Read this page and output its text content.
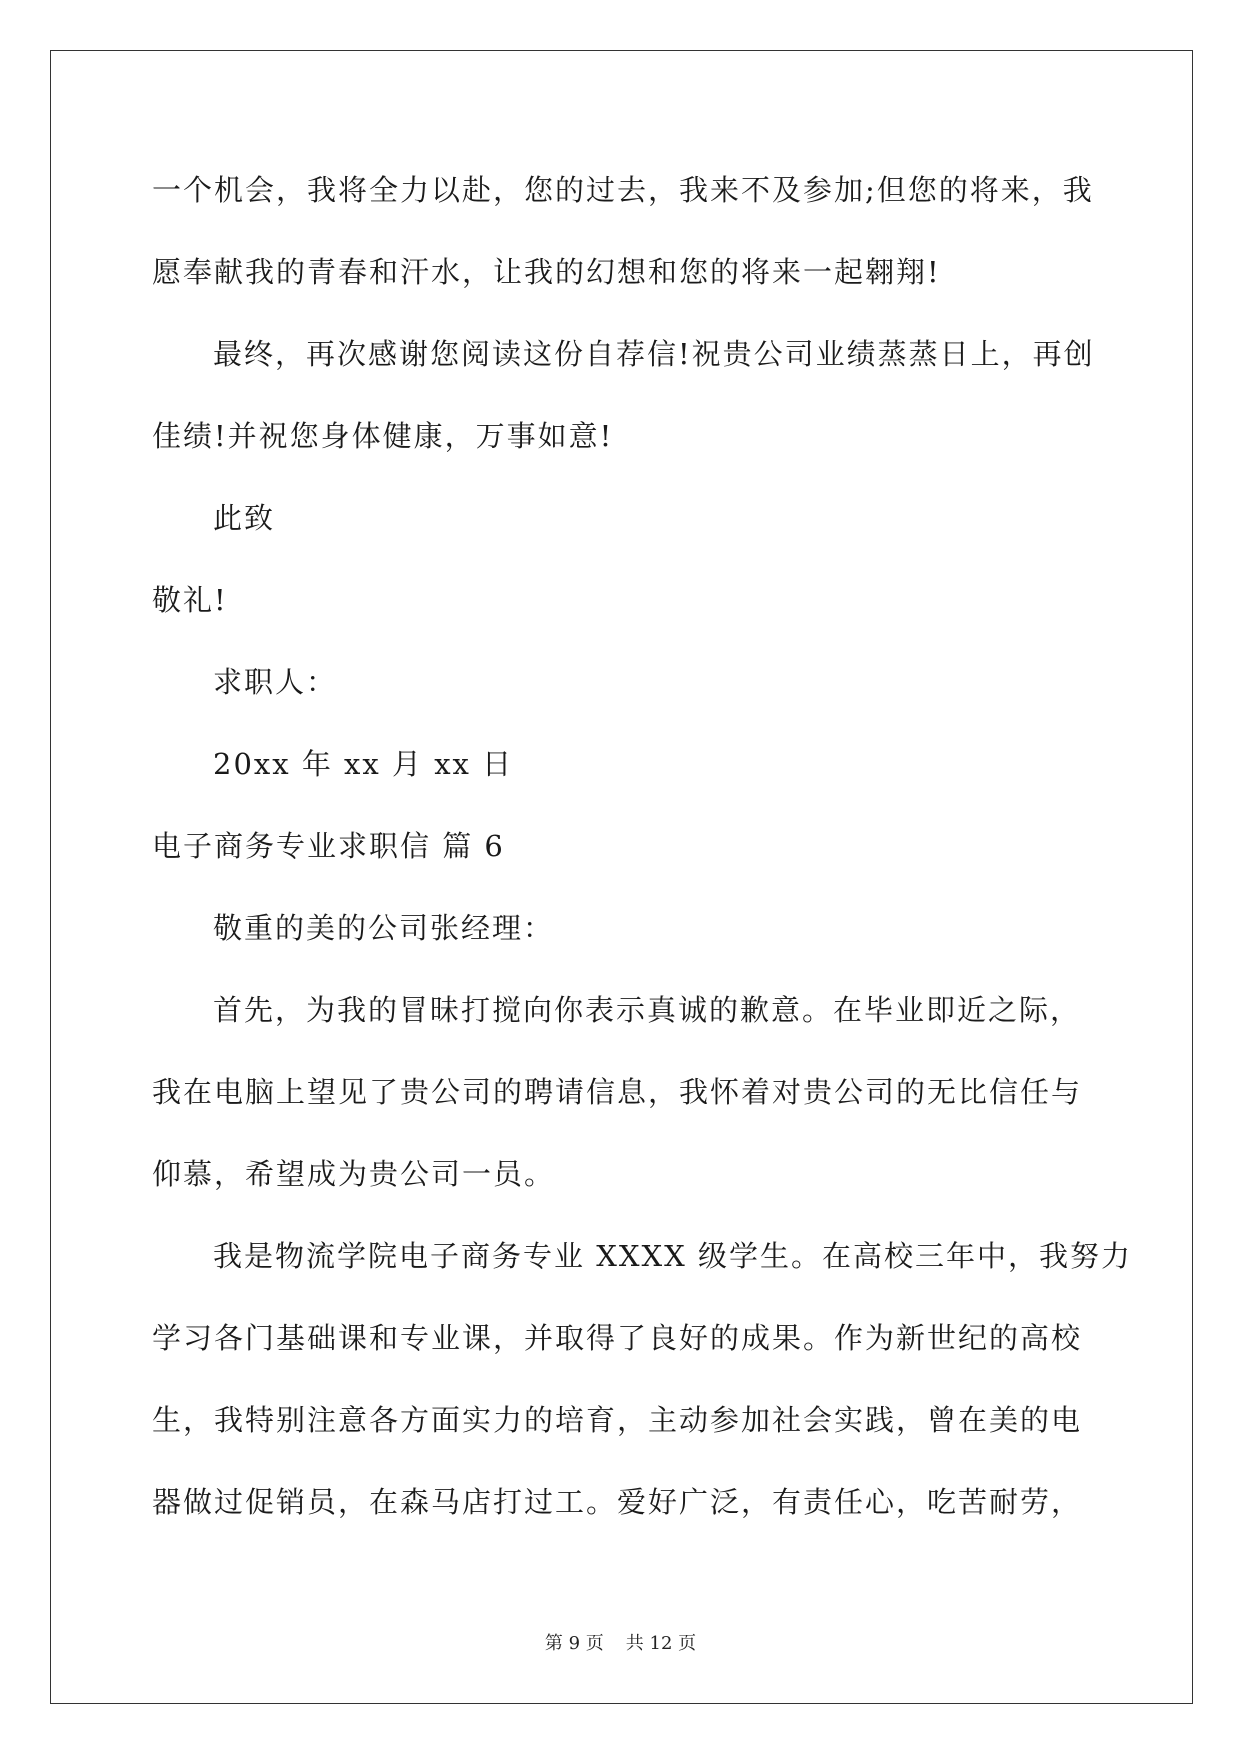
一个机会，我将全力以赴，您的过去，我来不及参加;但您的将来，我
愿奉献我的青春和汗水，让我的幻想和您的将来一起翱翔!
最终，再次感谢您阅读这份自荐信!祝贵公司业绩蒸蒸日上，再创
佳绩!并祝您身体健康，万事如意!
此致
敬礼!
求职人：
20xx 年 xx 月 xx 日
电子商务专业求职信 篇 6
敬重的美的公司张经理：
首先，为我的冒昧打搅向你表示真诚的歉意。在毕业即近之际，
我在电脑上望见了贵公司的聘请信息，我怀着对贵公司的无比信任与
仰慕，希望成为贵公司一员。
我是物流学院电子商务专业 XXXX 级学生。在高校三年中，我努力
学习各门基础课和专业课，并取得了良好的成果。作为新世纪的高校
生，我特别注意各方面实力的培育，主动参加社会实践，曾在美的电
器做过促销员，在森马店打过工。爱好广泛，有责任心，吃苦耐劳，
第 9 页 共 12 页
